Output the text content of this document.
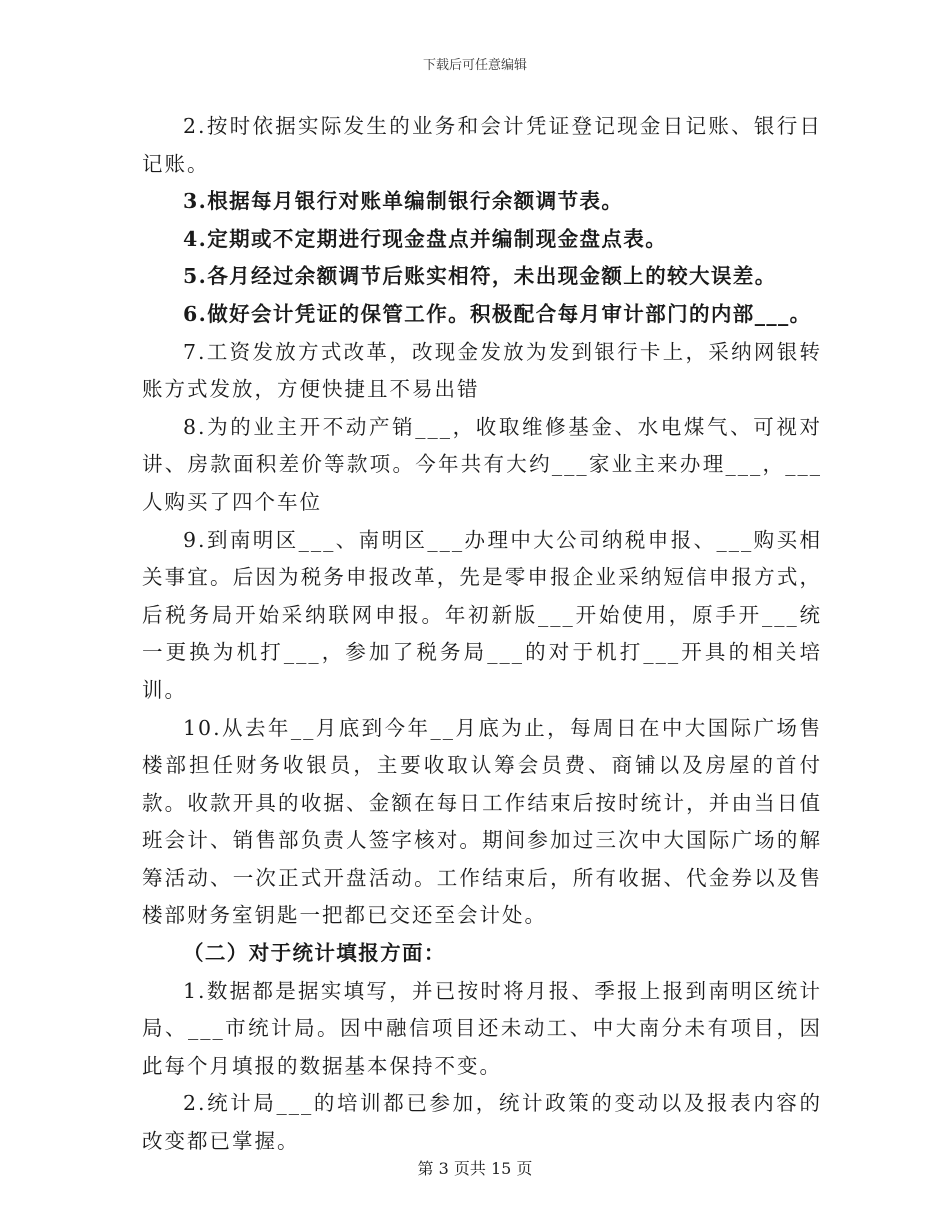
下载后可任意编辑

2.按时依据实际发生的业务和会计凭证登记现金日记账、银行日记账。

3.根据每月银行对账单编制银行余额调节表。

4.定期或不定期进行现金盘点并编制现金盘点表。

5.各月经过余额调节后账实相符，未出现金额上的较大误差。

6.做好会计凭证的保管工作。积极配合每月审计部门的内部___。

7.工资发放方式改革，改现金发放为发到银行卡上，采纳网银转账方式发放，方便快捷且不易出错

8.为的业主开不动产销___，收取维修基金、水电煤气、可视对讲、房款面积差价等款项。今年共有大约___家业主来办理___，___人购买了四个车位

9.到南明区___、南明区___办理中大公司纳税申报、___购买相关事宜。后因为税务申报改革，先是零申报企业采纳短信申报方式，后税务局开始采纳联网申报。年初新版___开始使用，原手开___统一更换为机打___，参加了税务局___的对于机打___开具的相关培训。

10.从去年__月底到今年__月底为止，每周日在中大国际广场售楼部担任财务收银员，主要收取认筹会员费、商铺以及房屋的首付款。收款开具的收据、金额在每日工作结束后按时统计，并由当日值班会计、销售部负责人签字核对。期间参加过三次中大国际广场的解筹活动、一次正式开盘活动。工作结束后，所有收据、代金券以及售楼部财务室钥匙一把都已交还至会计处。

（二）对于统计填报方面：

1.数据都是据实填写，并已按时将月报、季报上报到南明区统计局、___市统计局。因中融信项目还未动工、中大南分未有项目，因此每个月填报的数据基本保持不变。

2.统计局___的培训都已参加，统计政策的变动以及报表内容的改变都已掌握。

第 3 页共 15 页
